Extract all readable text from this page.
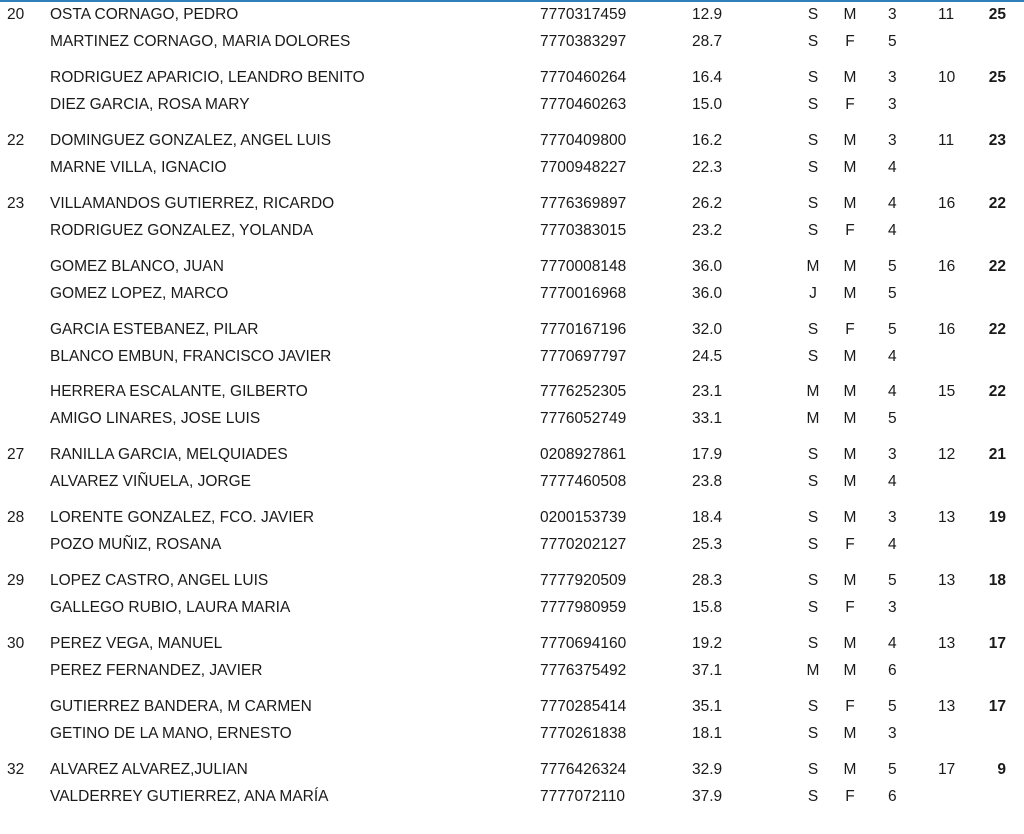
20 OSTA CORNAGO, PEDRO	7770317459	12.9	S M 3	11	25
MARTINEZ CORNAGO, MARIA DOLORES	7770383297	28.7	S F 5
RODRIGUEZ APARICIO, LEANDRO BENITO	7770460264	16.4	S M 3	10	25
DIEZ GARCIA, ROSA MARY	7770460263	15.0	S F 3
22 DOMINGUEZ GONZALEZ, ANGEL LUIS	7770409800	16.2	S M 3	11	23
MARNE VILLA, IGNACIO	7700948227	22.3	S M 4
23 VILLAMANDOS GUTIERREZ, RICARDO	7776369897	26.2	S M 4	16	22
RODRIGUEZ GONZALEZ, YOLANDA	7770383015	23.2	S F 4
GOMEZ BLANCO, JUAN	7770008148	36.0	M M 5	16	22
GOMEZ LOPEZ, MARCO	7770016968	36.0	J M 5
GARCIA ESTEBANEZ, PILAR	7770167196	32.0	S F 5	16	22
BLANCO EMBUN, FRANCISCO JAVIER	7770697797	24.5	S M 4
HERRERA ESCALANTE, GILBERTO	7776252305	23.1	M M 4	15	22
AMIGO LINARES, JOSE LUIS	7776052749	33.1	M M 5
27 RANILLA GARCIA, MELQUIADES	0208927861	17.9	S M 3	12	21
ALVAREZ VIÑUELA, JORGE	7777460508	23.8	S M 4
28 LORENTE GONZALEZ, FCO. JAVIER	0200153739	18.4	S M 3	13	19
POZO MUÑIZ, ROSANA	7770202127	25.3	S F 4
29 LOPEZ CASTRO, ANGEL LUIS	7777920509	28.3	S M 5	13	18
GALLEGO RUBIO, LAURA MARIA	7777980959	15.8	S F 3
30 PEREZ VEGA, MANUEL	7770694160	19.2	S M 4	13	17
PEREZ FERNANDEZ, JAVIER	7776375492	37.1	M M 6
GUTIERREZ BANDERA, M CARMEN	7770285414	35.1	S F 5	13	17
GETINO DE LA MANO, ERNESTO	7770261838	18.1	S M 3
32 ALVAREZ ALVAREZ,JULIAN	7776426324	32.9	S M 5	17	9
VALDERREY GUTIERREZ, ANA MARÍA	7777072110	37.9	S F 6
